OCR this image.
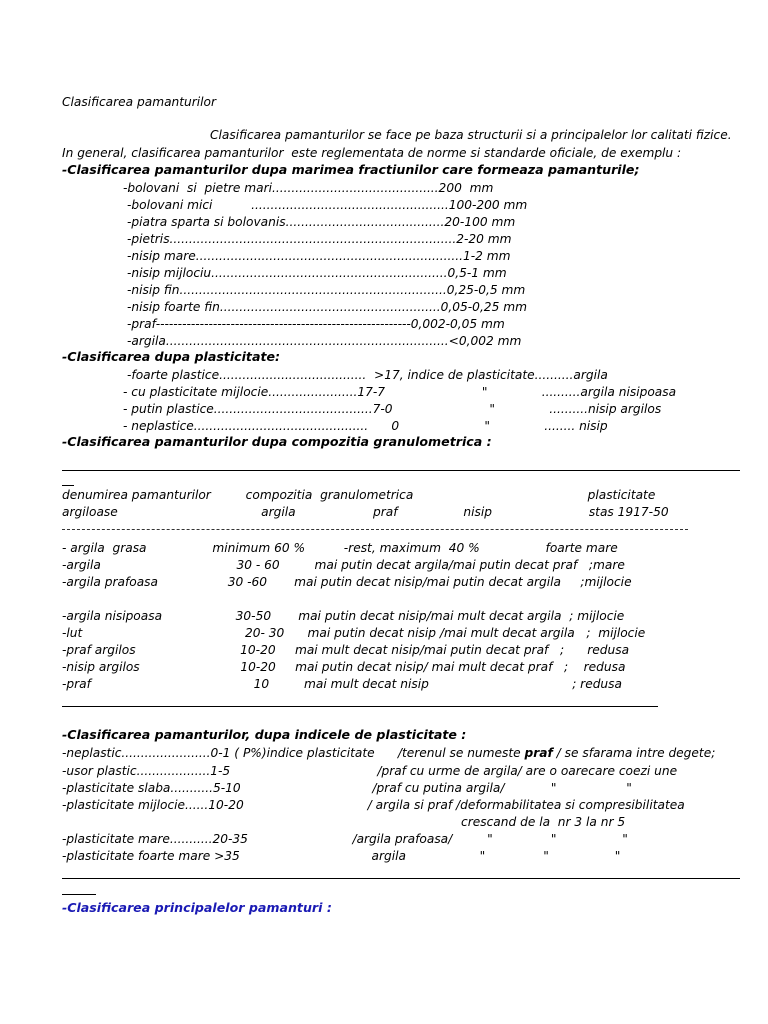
Clasificarea pamanturilor
Clasificarea pamanturilor se face pe baza structurii si a principalelor lor calitati fizice.
In general, clasificarea pamanturilor  este reglementata de norme si standarde oficiale, de exemplu :
-Clasificarea pamanturilor dupa marimea fractiunilor care formeaza pamanturile;
-bolovani  si  pietre mari...........................................200  mm
-bolovani mici          ...................................................100-200 mm
-piatra sparta si bolovanis.........................................20-100 mm
-pietris..........................................................................2-20 mm
-nisip mare.....................................................................1-2 mm
-nisip mijlociu.............................................................0,5-1 mm
-nisip fin.....................................................................0,25-0,5 mm
-nisip foarte fin.........................................................0,05-0,25 mm
-praf----------------------------------------------------------0,002-0,05 mm
-argila.........................................................................<0,002 mm
-Clasificarea dupa plasticitate:
-foarte plastice......................................  >17, indice de plasticitate..........argila
- cu plasticitate mijlocie.......................17-7                         "              ..........argila nisipoasa
- putin plastice.........................................7-0                         "              ..........nisip argilos
- neplastice.............................................      0                      "              ........ nisip
-Clasificarea pamanturilor dupa compozitia granulometrica :
denumirea pamanturilor         compozitia  granulometrica                                             plasticitate
argiloase                                     argila                    praf                 nisip                         stas 1917-50
- argila  grasa                 minimum 60 %          -rest, maximum  40 %                 foarte mare
-argila                                   30 - 60         mai putin decat argila/mai putin decat praf   ;mare
-argila prafoasa                  30 -60       mai putin decat nisip/mai putin decat argila     ;mijlocie
-argila nisipoasa                   30-50       mai putin decat nisip/mai mult decat argila  ; mijlocie
-lut                                          20- 30      mai putin decat nisip /mai mult decat argila   ;  mijlocie
-praf argilos                           10-20     mai mult decat nisip/mai putin decat praf   ;      redusa
-nisip argilos                          10-20     mai putin decat nisip/ mai mult decat praf   ;    redusa
-praf                                          10         mai mult decat nisip                                     ; redusa
-Clasificarea pamanturilor, dupa indicele de plasticitate :
-neplastic.......................0-1 ( P%)indice plasticitate      /terenul se numeste praf / se sfarama intre degete;
-usor plastic...................1-5                                      /praf cu urme de argila/ are o oarecare coezi une
-plasticitate slaba...........5-10                                  /praf cu putina argila/            "                  "
-plasticitate mijlocie......10-20                                / argila si praf /deformabilitatea si compresibilitatea
crescand de la  nr 3 la nr 5
-plasticitate mare...........20-35                           /argila prafoasa/         "               "                 "
-plasticitate foarte mare >35                                  argila                   "               "                 "
-Clasificarea principalelor pamanturi :
